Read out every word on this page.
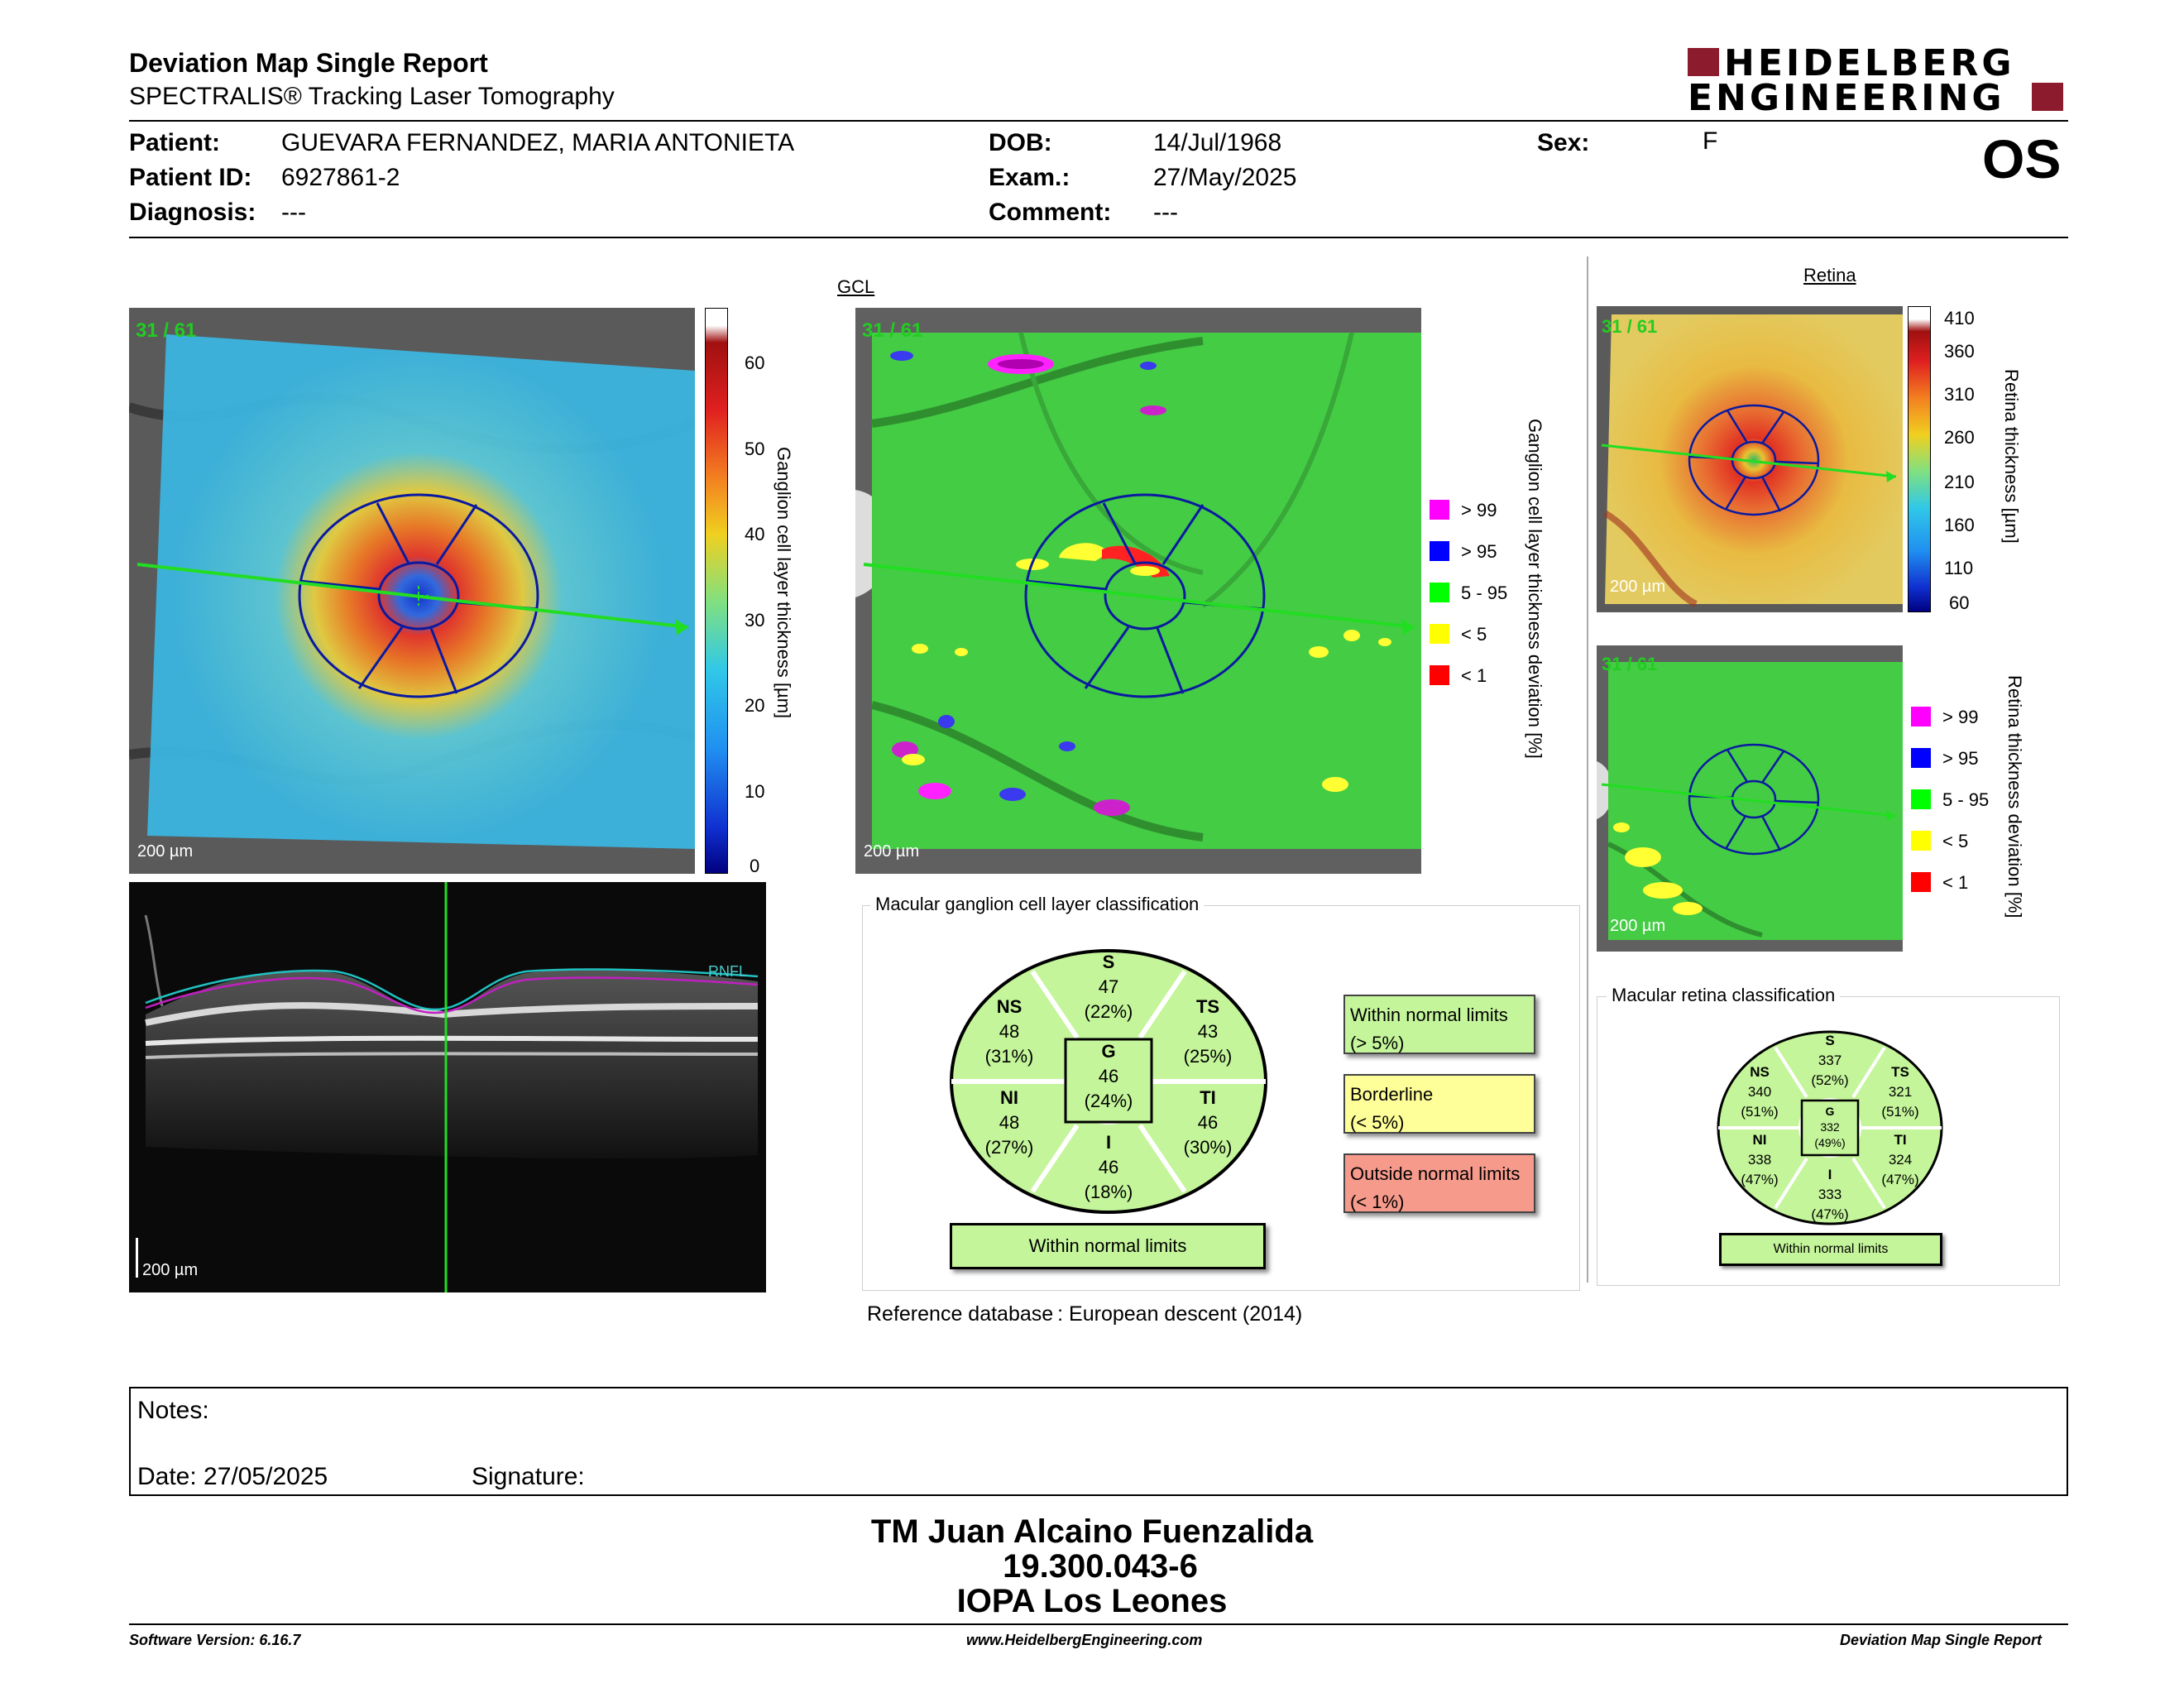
Deviation Map Single Report
SPECTRALIS® Tracking Laser Tomography
HEIDELBERG
ENGINEERING
Patient: GUEVARA FERNANDEZ, MARIA ANTONIETA
Patient ID: 6927861-2
Diagnosis: ---
DOB:	14/Jul/1968
Exam.:	27/May/2025
Comment: ---
Sex:	F	OS
GCL
31 / 61
200 µm
60
50
40
30
20
10
0
Ganglion cell layer thickness [µm]
31 / 61
200 µm
> 99
> 95
5 - 95
< 5
< 1 Ganglion cell layer thickness deviation [%]
RNFL
200 µm
Macular ganglion cell layer classification
S
47
(22%)
NS
48
(31%)
TS
43
(25%)
G
46
(24%)
NI
48
(27%)
TI
46
(30%)
I
46
(18%)
Within normal limits
Within normal limits
(> 5%)
Borderline
(< 5%)
Outside normal limits
(< 1%)
Reference database : European descent (2014)
Retina
31 / 61
200 µm
410
360
310
260
210
160
110
60
Retina thickness [µm]
31 / 61
200 µm
> 99
> 95
5 - 95
< 5
< 1 Retina thickness deviation [%]
Macular retina classification
S
337
(52%)
NS
340
(51%)
TS
321
(51%)
G
332
(49%)
NI
338
(47%)
TI
324
(47%)
I
333
(47%)
Within normal limits
Notes:
Date: 27/05/2025	Signature:
TM Juan Alcaino Fuenzalida
19.300.043-6
IOPA Los Leones
Software Version: 6.16.7	www.HeidelbergEngineering.com	Deviation Map Single Report
